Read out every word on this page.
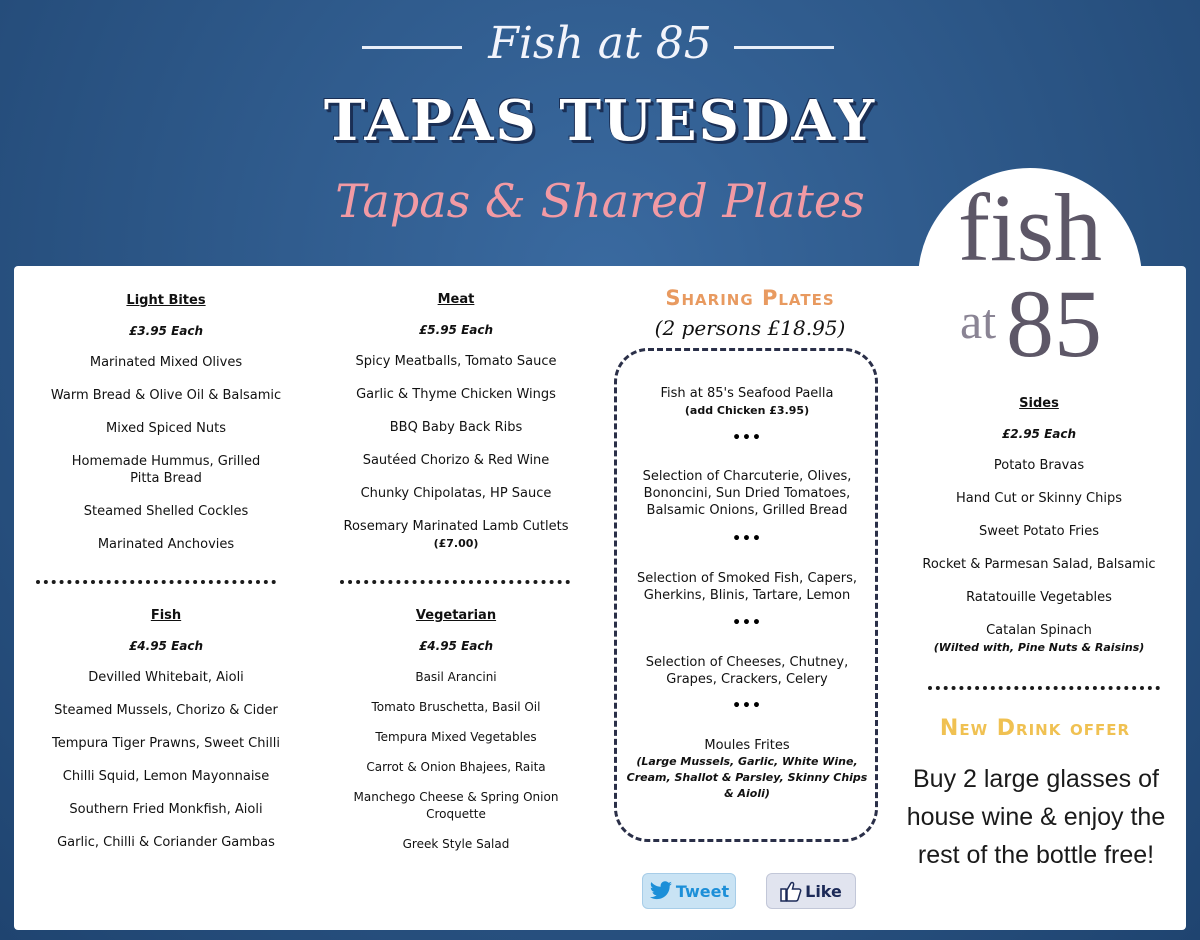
Fish at 85
TAPAS TUESDAY
Tapas & Shared Plates fish
at 85
Light Bites
£3.95 Each
Marinated Mixed Olives
Warm Bread & Olive Oil & Balsamic
Mixed Spiced Nuts
Homemade Hummus, Grilled Pitta Bread
Steamed Shelled Cockles
Marinated Anchovies
Fish
£4.95 Each
Devilled Whitebait, Aioli
Steamed Mussels, Chorizo & Cider
Tempura Tiger Prawns, Sweet Chilli
Chilli Squid, Lemon Mayonnaise
Southern Fried Monkfish, Aioli
Garlic, Chilli & Coriander Gambas
Meat
£5.95 Each
Spicy Meatballs, Tomato Sauce
Garlic & Thyme Chicken Wings
BBQ Baby Back Ribs
Sautéed Chorizo & Red Wine
Chunky Chipolatas, HP Sauce
Rosemary Marinated Lamb Cutlets
(£7.00)
Vegetarian
£4.95 Each
Basil Arancini
Tomato Bruschetta, Basil Oil
Tempura Mixed Vegetables
Carrot & Onion Bhajees, Raita
Manchego Cheese & Spring Onion Croquette
Greek Style Salad
Sharing Plates
(2 persons £18.95)
Fish at 85's Seafood Paella
(add Chicken £3.95)
•••
Selection of Charcuterie, Olives, Bononcini, Sun Dried Tomatoes, Balsamic Onions, Grilled Bread
•••
Selection of Smoked Fish, Capers, Gherkins, Blinis, Tartare, Lemon
•••
Selection of Cheeses, Chutney, Grapes, Crackers, Celery
•••
Moules Frites
(Large Mussels, Garlic, White Wine, Cream, Shallot & Parsley, Skinny Chips & Aioli)
Sides
£2.95 Each
Potato Bravas
Hand Cut or Skinny Chips
Sweet Potato Fries
Rocket & Parmesan Salad, Balsamic
Ratatouille Vegetables
Catalan Spinach
(Wilted with, Pine Nuts & Raisins)
New Drink offer
Buy 2 large glasses of house wine & enjoy the rest of the bottle free!
Tweet	Like
